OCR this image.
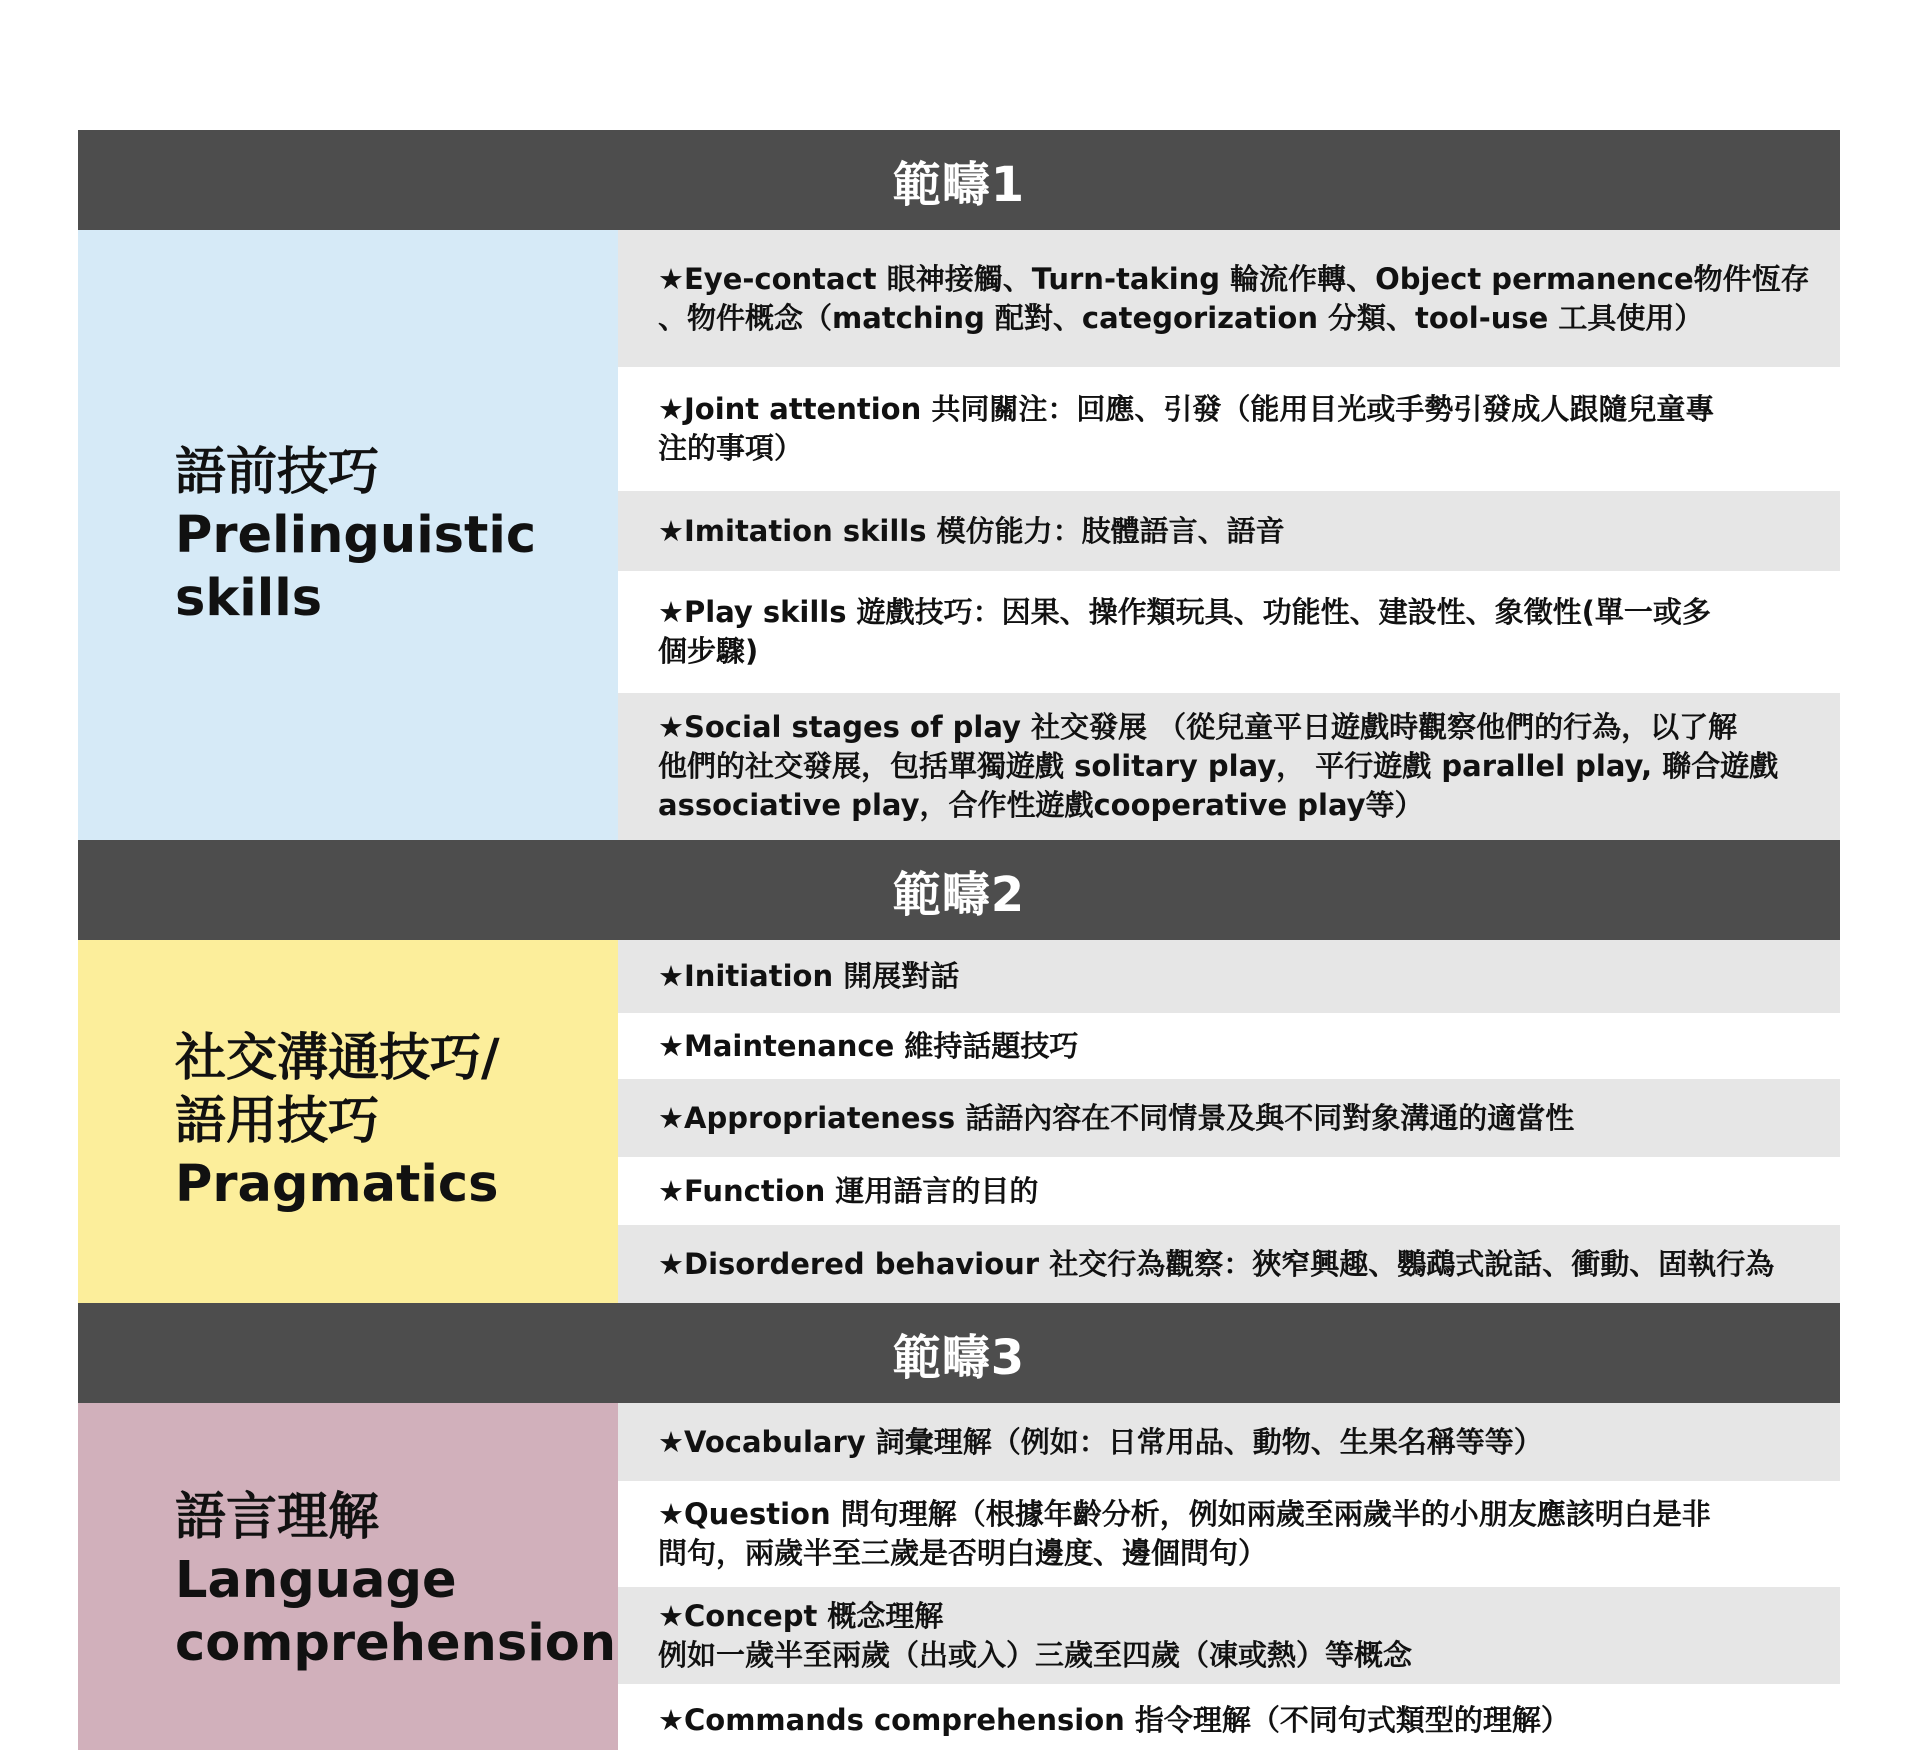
範疇1
語前技巧
Prelinguistic
skills
★Eye-contact 眼神接觸、Turn-taking 輪流作轉、Object permanence物件恆存
、物件概念（matching 配對、categorization 分類、tool-use 工具使用）
★Joint attention 共同關注：回應、引發（能用目光或手勢引發成人跟隨兒童專
注的事項）
★Imitation skills 模仿能力：肢體語言、語音
★Play skills 遊戲技巧：因果、操作類玩具、功能性、建設性、象徵性(單一或多
個步驟)
★Social stages of play 社交發展 （從兒童平日遊戲時觀察他們的行為，以了解
他們的社交發展，包括單獨遊戲 solitary play， 平行遊戲 parallel play, 聯合遊戲
associative play，合作性遊戲cooperative play等）
範疇2
社交溝通技巧/
語用技巧
Pragmatics
★Initiation 開展對話
★Maintenance 維持話題技巧
★Appropriateness 話語內容在不同情景及與不同對象溝通的適當性
★Function 運用語言的目的
★Disordered behaviour 社交行為觀察：狹窄興趣、鸚鵡式說話、衝動、固執行為
範疇3
語言理解
Language
comprehension
★Vocabulary 詞彙理解（例如：日常用品、動物、生果名稱等等）
★Question 問句理解（根據年齡分析，例如兩歲至兩歲半的小朋友應該明白是非
問句，兩歲半至三歲是否明白邊度、邊個問句）
★Concept 概念理解
例如一歲半至兩歲（出或入）三歲至四歲（凍或熱）等概念
★Commands comprehension 指令理解（不同句式類型的理解）
